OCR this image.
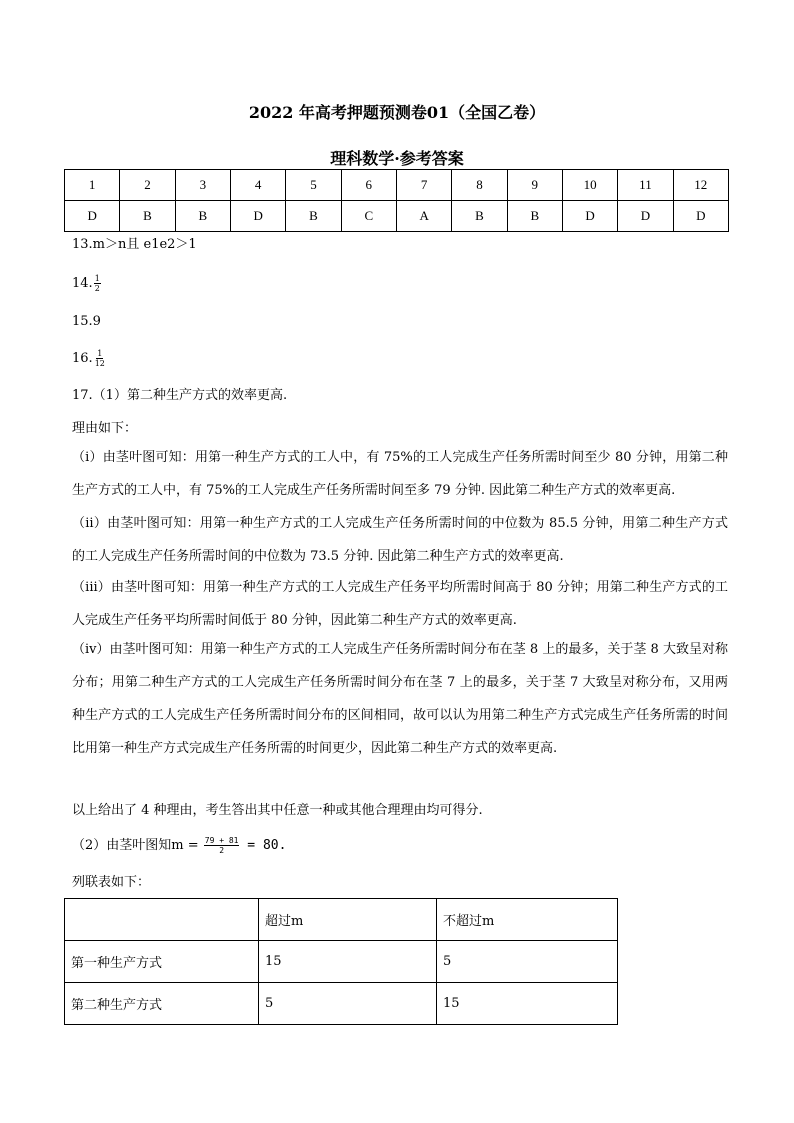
2022 年高考押题预测卷01（全国乙卷）
理科数学·参考答案
1	2	3	4	5	6	7	8	9	10	11	12
D	B	B	D	B	C	A	B	B	D	D	D
13.m＞n且 e1e2＞1
14. $\frac{1}{2}$
15.9
16. $\frac{1}{12}$
17.（1）第二种生产方式的效率更高.
理由如下：
（i）由茎叶图可知：用第一种生产方式的工人中，有 75%的工人完成生产任务所需时间至少 80 分钟，用第二种生产方式的工人中，有 75%的工人完成生产任务所需时间至多 79 分钟. 因此第二种生产方式的效率更高.
（ii）由茎叶图可知：用第一种生产方式的工人完成生产任务所需时间的中位数为 85.5 分钟，用第二种生产方式的工人完成生产任务所需时间的中位数为 73.5 分钟. 因此第二种生产方式的效率更高.
（iii）由茎叶图可知：用第一种生产方式的工人完成生产任务平均所需时间高于 80 分钟；用第二种生产方式的工人完成生产任务平均所需时间低于 80 分钟，因此第二种生产方式的效率更高.
（iv）由茎叶图可知：用第一种生产方式的工人完成生产任务所需时间分布在茎 8 上的最多，关于茎 8 大致呈对称分布；用第二种生产方式的工人完成生产任务所需时间分布在茎 7 上的最多，关于茎 7 大致呈对称分布，又用两种生产方式的工人完成生产任务所需时间分布的区间相同，故可以认为用第二种生产方式完成生产任务所需的时间比用第一种生产方式完成生产任务所需的时间更少，因此第二种生产方式的效率更高.
以上给出了 4 种理由，考生答出其中任意一种或其他合理理由均可得分.
（2）由茎叶图知$m = \frac{79 + 81}{2} = 80$.
列联表如下：
	超过m	不超过m
第一种生产方式	15	5
第二种生产方式	5	15
